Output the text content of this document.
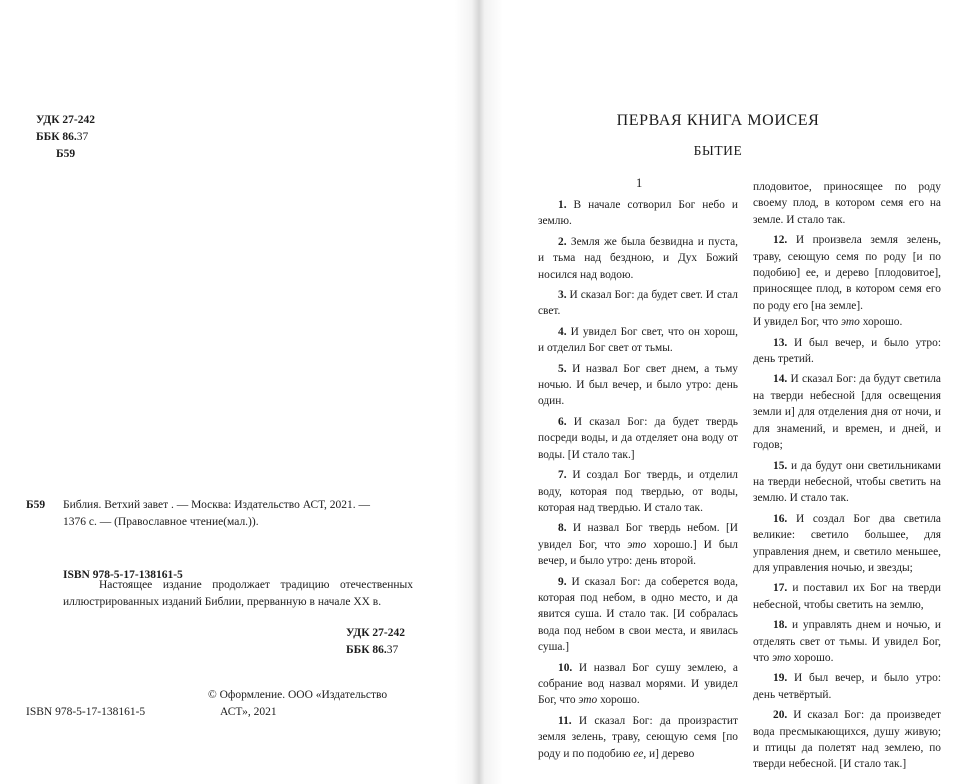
УДК 27-242
ББК 86.37
Б59
Б59	Библия. Ветхий завет . — Москва: Издательство АСТ, 2021. —
1376 с. — (Православное чтение(мал.)).
ISBN 978-5-17-138161-5
Настоящее издание продолжает традицию отечественных иллюстрированных изданий Библии, прерванную в начале XX в.
УДК 27-242
ББК 86.37
© Оформление. ООО «Издательство
АСТ», 2021
ISBN 978-5-17-138161-5
ПЕРВАЯ КНИГА МОИСЕЯ
БЫТИЕ
1

1. В начале сотворил Бог небо и землю.

2. Земля же была безвидна и пуста, и тьма над бездною, и Дух Божий носился над водою.

3. И сказал Бог: да будет свет. И стал свет.

4. И увидел Бог свет, что он хорош, и отделил Бог свет от тьмы.

5. И назвал Бог свет днем, а тьму ночью. И был вечер, и было утро: день один.

6. И сказал Бог: да будет твердь посреди воды, и да отделяет она воду от воды. [И стало так.]

7. И создал Бог твердь, и отделил воду, которая под твердью, от воды, которая над твердью. И стало так.

8. И назвал Бог твердь небом. [И увидел Бог, что это хорошо.] И был вечер, и было утро: день второй.

9. И сказал Бог: да соберется вода, которая под небом, в одно место, и да явится суша. И стало так. [И собралась вода под небом в свои места, и явилась суша.]

10. И назвал Бог сушу землею, а собрание вод назвал морями. И увидел Бог, что это хорошо.

11. И сказал Бог: да произрастит земля зелень, траву, сеющую семя [по роду и по подобию ее, и] дерево

плодовитое, приносящее по роду своему плод, в котором семя его на земле. И стало так.

12. И произвела земля зелень, траву, сеющую семя по роду [и по подобию] ее, и дерево [плодовитое], приносящее плод, в котором семя его по роду его [на земле].

И увидел Бог, что это хорошо.

13. И был вечер, и было утро: день третий.

14. И сказал Бог: да будут светила на тверди небесной [для освещения земли и] для отделения дня от ночи, и для знамений, и времен, и дней, и годов;

15. и да будут они светильниками на тверди небесной, чтобы светить на землю. И стало так.

16. И создал Бог два светила великие: светило большее, для управления днем, и светило меньшее, для управления ночью, и звезды;

17. и поставил их Бог на тверди небесной, чтобы светить на землю,

18. и управлять днем и ночью, и отделять свет от тьмы. И увидел Бог, что это хорошо.

19. И был вечер, и было утро: день четвёртый.

20. И сказал Бог: да произведет вода пресмыкающихся, душу живую; и птицы да полетят над землею, по тверди небесной. [И стало так.]
